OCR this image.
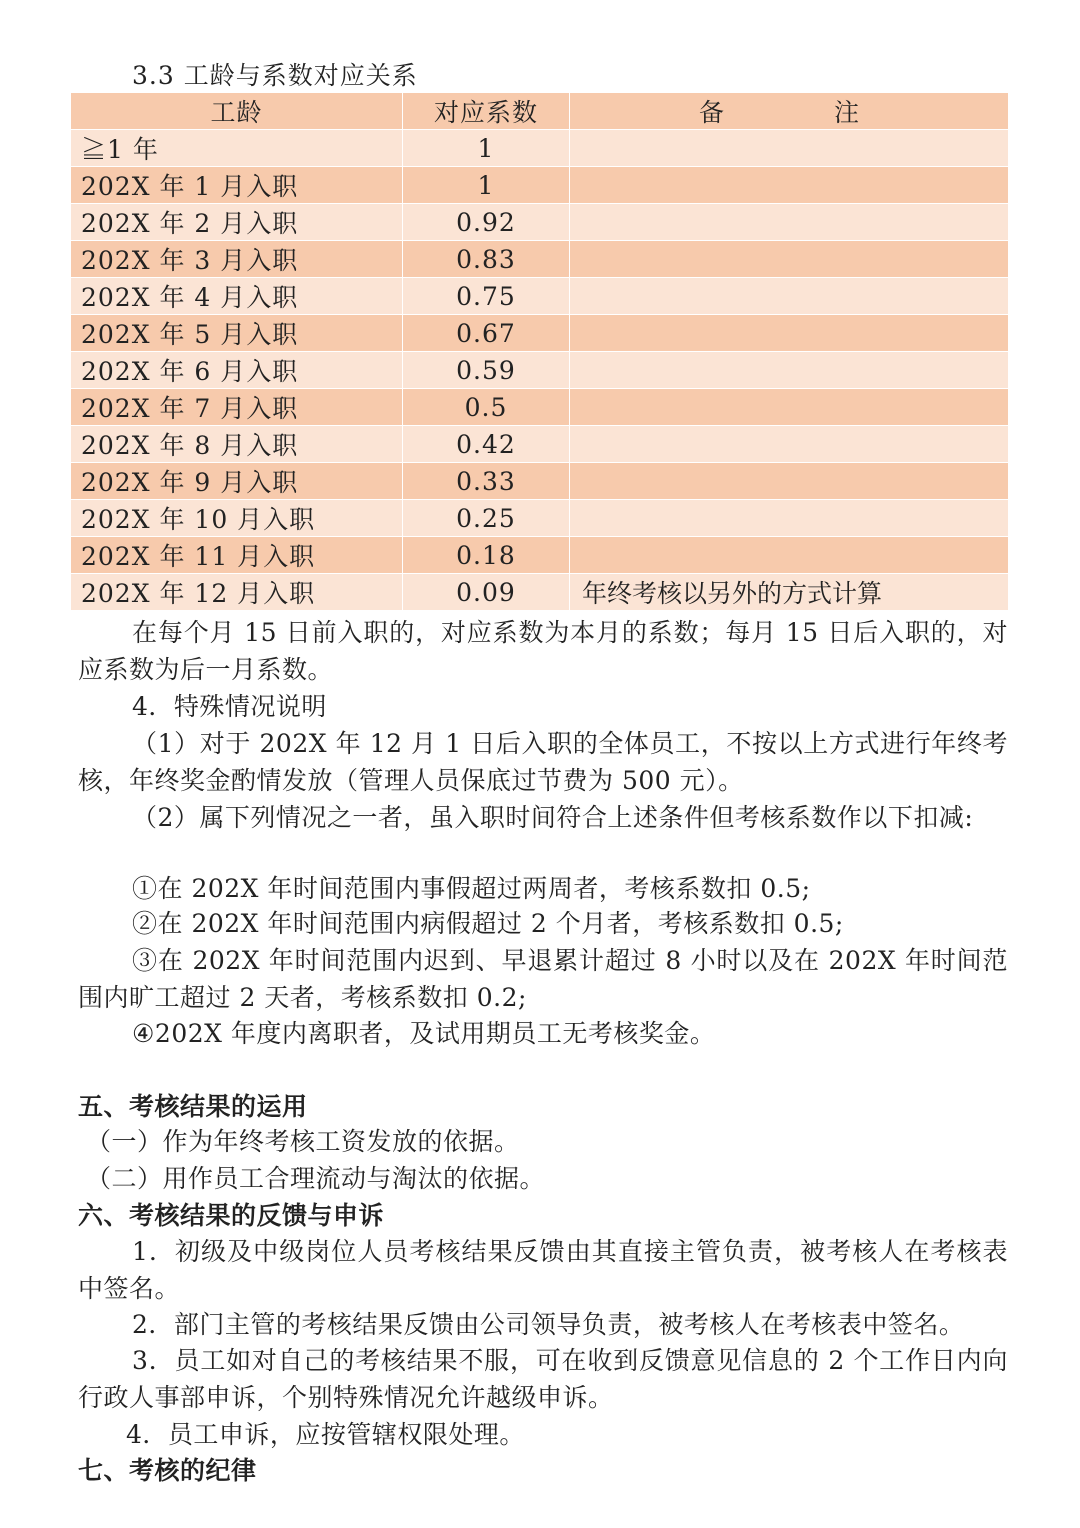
3.3 工龄与系数对应关系
工龄	对应系数	备　　注
≧1 年	1	
202X 年 1 月入职	1	
202X 年 2 月入职	0.92	
202X 年 3 月入职	0.83	
202X 年 4 月入职	0.75	
202X 年 5 月入职	0.67	
202X 年 6 月入职	0.59	
202X 年 7 月入职	0.5	
202X 年 8 月入职	0.42	
202X 年 9 月入职	0.33	
202X 年 10 月入职	0.25	
202X 年 11 月入职	0.18	
202X 年 12 月入职	0.09	年终考核以另外的方式计算
在每个月 15 日前入职的，对应系数为本月的系数；每月 15 日后入职的，对应系数为后一月系数。
4．特殊情况说明
（1）对于 202X 年 12 月 1 日后入职的全体员工，不按以上方式进行年终考核，年终奖金酌情发放（管理人员保底过节费为 500 元）。
（2）属下列情况之一者，虽入职时间符合上述条件但考核系数作以下扣减:
①在 202X 年时间范围内事假超过两周者，考核系数扣 0.5;
②在 202X 年时间范围内病假超过 2 个月者，考核系数扣 0.5;
③在 202X 年时间范围内迟到、早退累计超过 8 小时以及在 202X 年时间范围内旷工超过 2 天者，考核系数扣 0.2;
④202X 年度内离职者，及试用期员工无考核奖金。
五、考核结果的运用
（一）作为年终考核工资发放的依据。
（二）用作员工合理流动与淘汰的依据。
六、考核结果的反馈与申诉
1．初级及中级岗位人员考核结果反馈由其直接主管负责，被考核人在考核表中签名。
2．部门主管的考核结果反馈由公司领导负责，被考核人在考核表中签名。
3．员工如对自己的考核结果不服，可在收到反馈意见信息的 2 个工作日内向行政人事部申诉，个别特殊情况允许越级申诉。
4．员工申诉，应按管辖权限处理。
七、考核的纪律
